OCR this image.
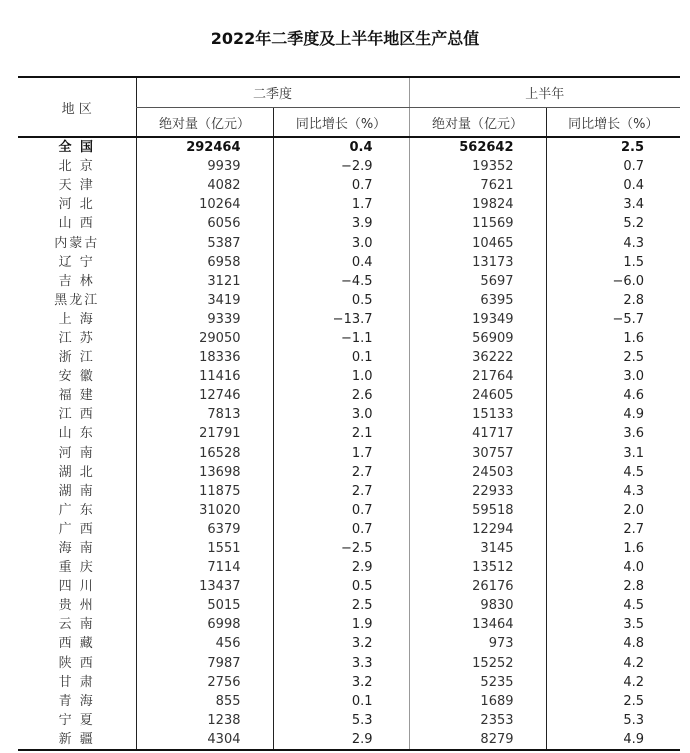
2022年二季度及上半年地区生产总值
地 区	二季度		上半年	
	绝对量（亿元）	同比增长（%）	绝对量（亿元）	同比增长（%）
全 国	292464	0.4	562642	2.5
北 京	9939	−2.9	19352	0.7
天 津	4082	0.7	7621	0.4
河 北	10264	1.7	19824	3.4
山 西	6056	3.9	11569	5.2
内蒙古	5387	3.0	10465	4.3
辽 宁	6958	0.4	13173	1.5
吉 林	3121	−4.5	5697	−6.0
黑龙江	3419	0.5	6395	2.8
上 海	9339	−13.7	19349	−5.7
江 苏	29050	−1.1	56909	1.6
浙 江	18336	0.1	36222	2.5
安 徽	11416	1.0	21764	3.0
福 建	12746	2.6	24605	4.6
江 西	7813	3.0	15133	4.9
山 东	21791	2.1	41717	3.6
河 南	16528	1.7	30757	3.1
湖 北	13698	2.7	24503	4.5
湖 南	11875	2.7	22933	4.3
广 东	31020	0.7	59518	2.0
广 西	6379	0.7	12294	2.7
海 南	1551	−2.5	3145	1.6
重 庆	7114	2.9	13512	4.0
四 川	13437	0.5	26176	2.8
贵 州	5015	2.5	9830	4.5
云 南	6998	1.9	13464	3.5
西 藏	456	3.2	973	4.8
陕 西	7987	3.3	15252	4.2
甘 肃	2756	3.2	5235	4.2
青 海	855	0.1	1689	2.5
宁 夏	1238	5.3	2353	5.3
新 疆	4304	2.9	8279	4.9
